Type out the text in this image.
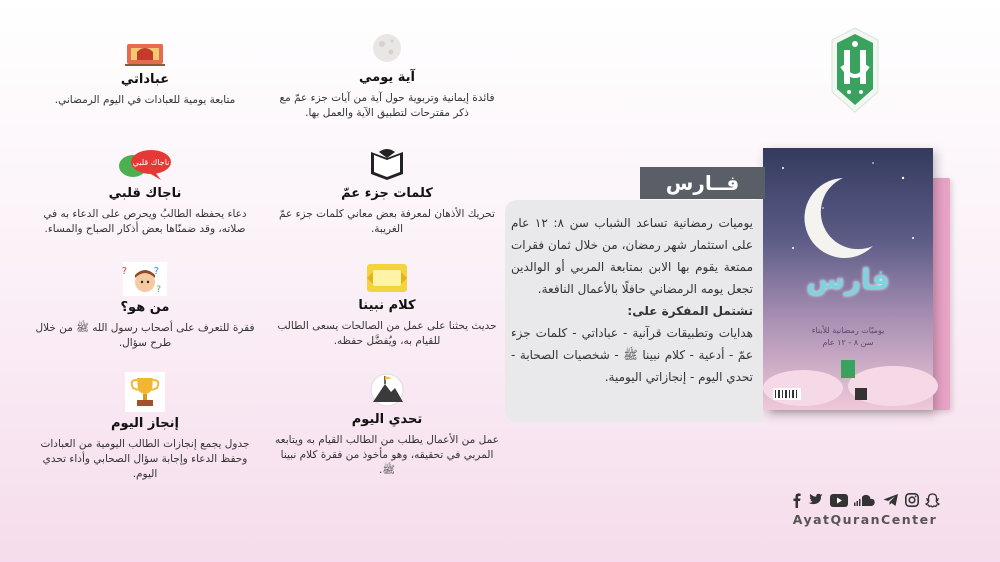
فارس
يوميّات رمضانية للأبناء
سن ٨ - ١٢ عام
فــارس
يوميات رمضانية تساعد الشباب سن ٨: ١٢ عام على استثمار شهر رمضان، من خلال ثمان فقرات ممتعة يقوم بها الابن بمتابعة المربي أو الوالدين تجعل يومه الرمضاني حافلًا بالأعمال النافعة.
تشتمل المفكرة على:
هدايات وتطبيقات قرآنية - عباداتي - كلمات جزء عمّ - أدعية - كلام نبينا ﷺ - شخصيات الصحابة - تحدي اليوم - إنجازاتي اليومية.
آية يومي
فائدة إيمانية وتربوية حول آية من آيات جزء عمّ مع ذكر مقترحات لتطبيق الآية والعمل بها.
عباداتي
متابعة يومية للعبادات في اليوم الرمضاني.
كلمات جزء عمّ
تحريك الأذهان لمعرفة بعض معاني كلمات جزء عمّ الغريبة.
ناجاك قلبي
ناجاك قلبي
دعاء يحفظه الطالبُ ويحرص على الدعاء به في صلاته، وقد ضمنّاها بعض أذكار الصباح والمساء.
كلام نبينا
حديث يحثنا على عمل من الصالحات يسعى الطالب للقيام به، ويُفضَّل حفظه.
?	?
?
من هو؟
فقرة للتعرف على أصحاب رسول الله ﷺ من خلال طرح سؤال.
تحدي اليوم
عمل من الأعمال يطلب من الطالب القيام به ويتابعه المربي في تحقيقه، وهو مأخوذ من فقرة كلام نبينا ﷺ.
إنجاز اليوم
جدول يجمع إنجازات الطالب اليومية من العبادات وحفظ الدعاء وإجابة سؤال الصحابي وأداء تحدي اليوم.
AyatQuranCenter
